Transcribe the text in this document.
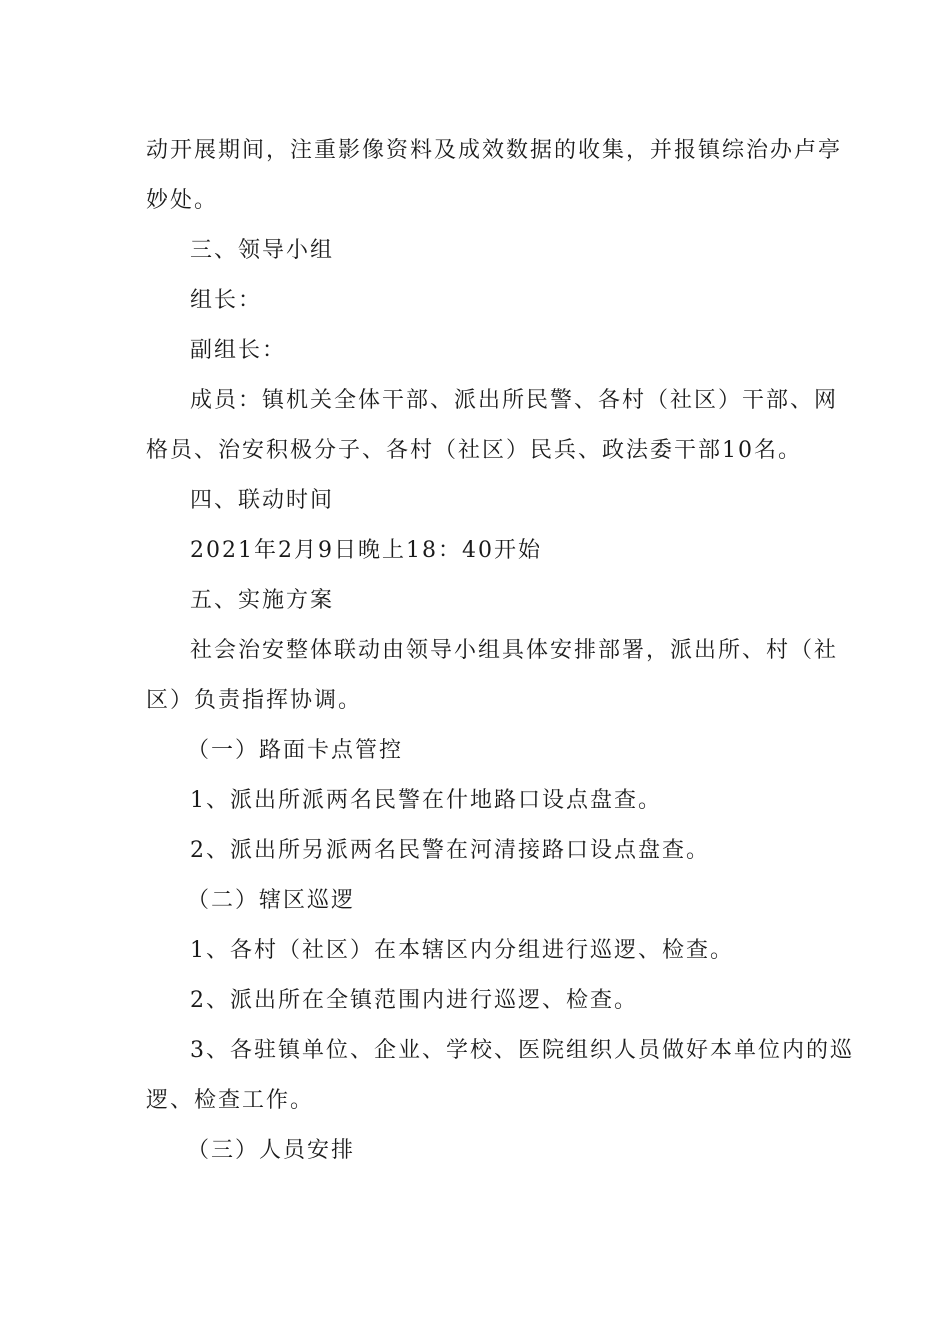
动开展期间，注重影像资料及成效数据的收集，并报镇综治办卢亭
妙处。
三、领导小组
组长：
副组长：
成员：镇机关全体干部、派出所民警、各村（社区）干部、网
格员、治安积极分子、各村（社区）民兵、政法委干部10名。
四、联动时间
2021年2月9日晚上18：40开始
五、实施方案
社会治安整体联动由领导小组具体安排部署，派出所、村（社
区）负责指挥协调。
（一）路面卡点管控
1、派出所派两名民警在什地路口设点盘查。
2、派出所另派两名民警在河清接路口设点盘查。
（二）辖区巡逻
1、各村（社区）在本辖区内分组进行巡逻、检查。
2、派出所在全镇范围内进行巡逻、检查。
3、各驻镇单位、企业、学校、医院组织人员做好本单位内的巡
逻、检查工作。
（三）人员安排
